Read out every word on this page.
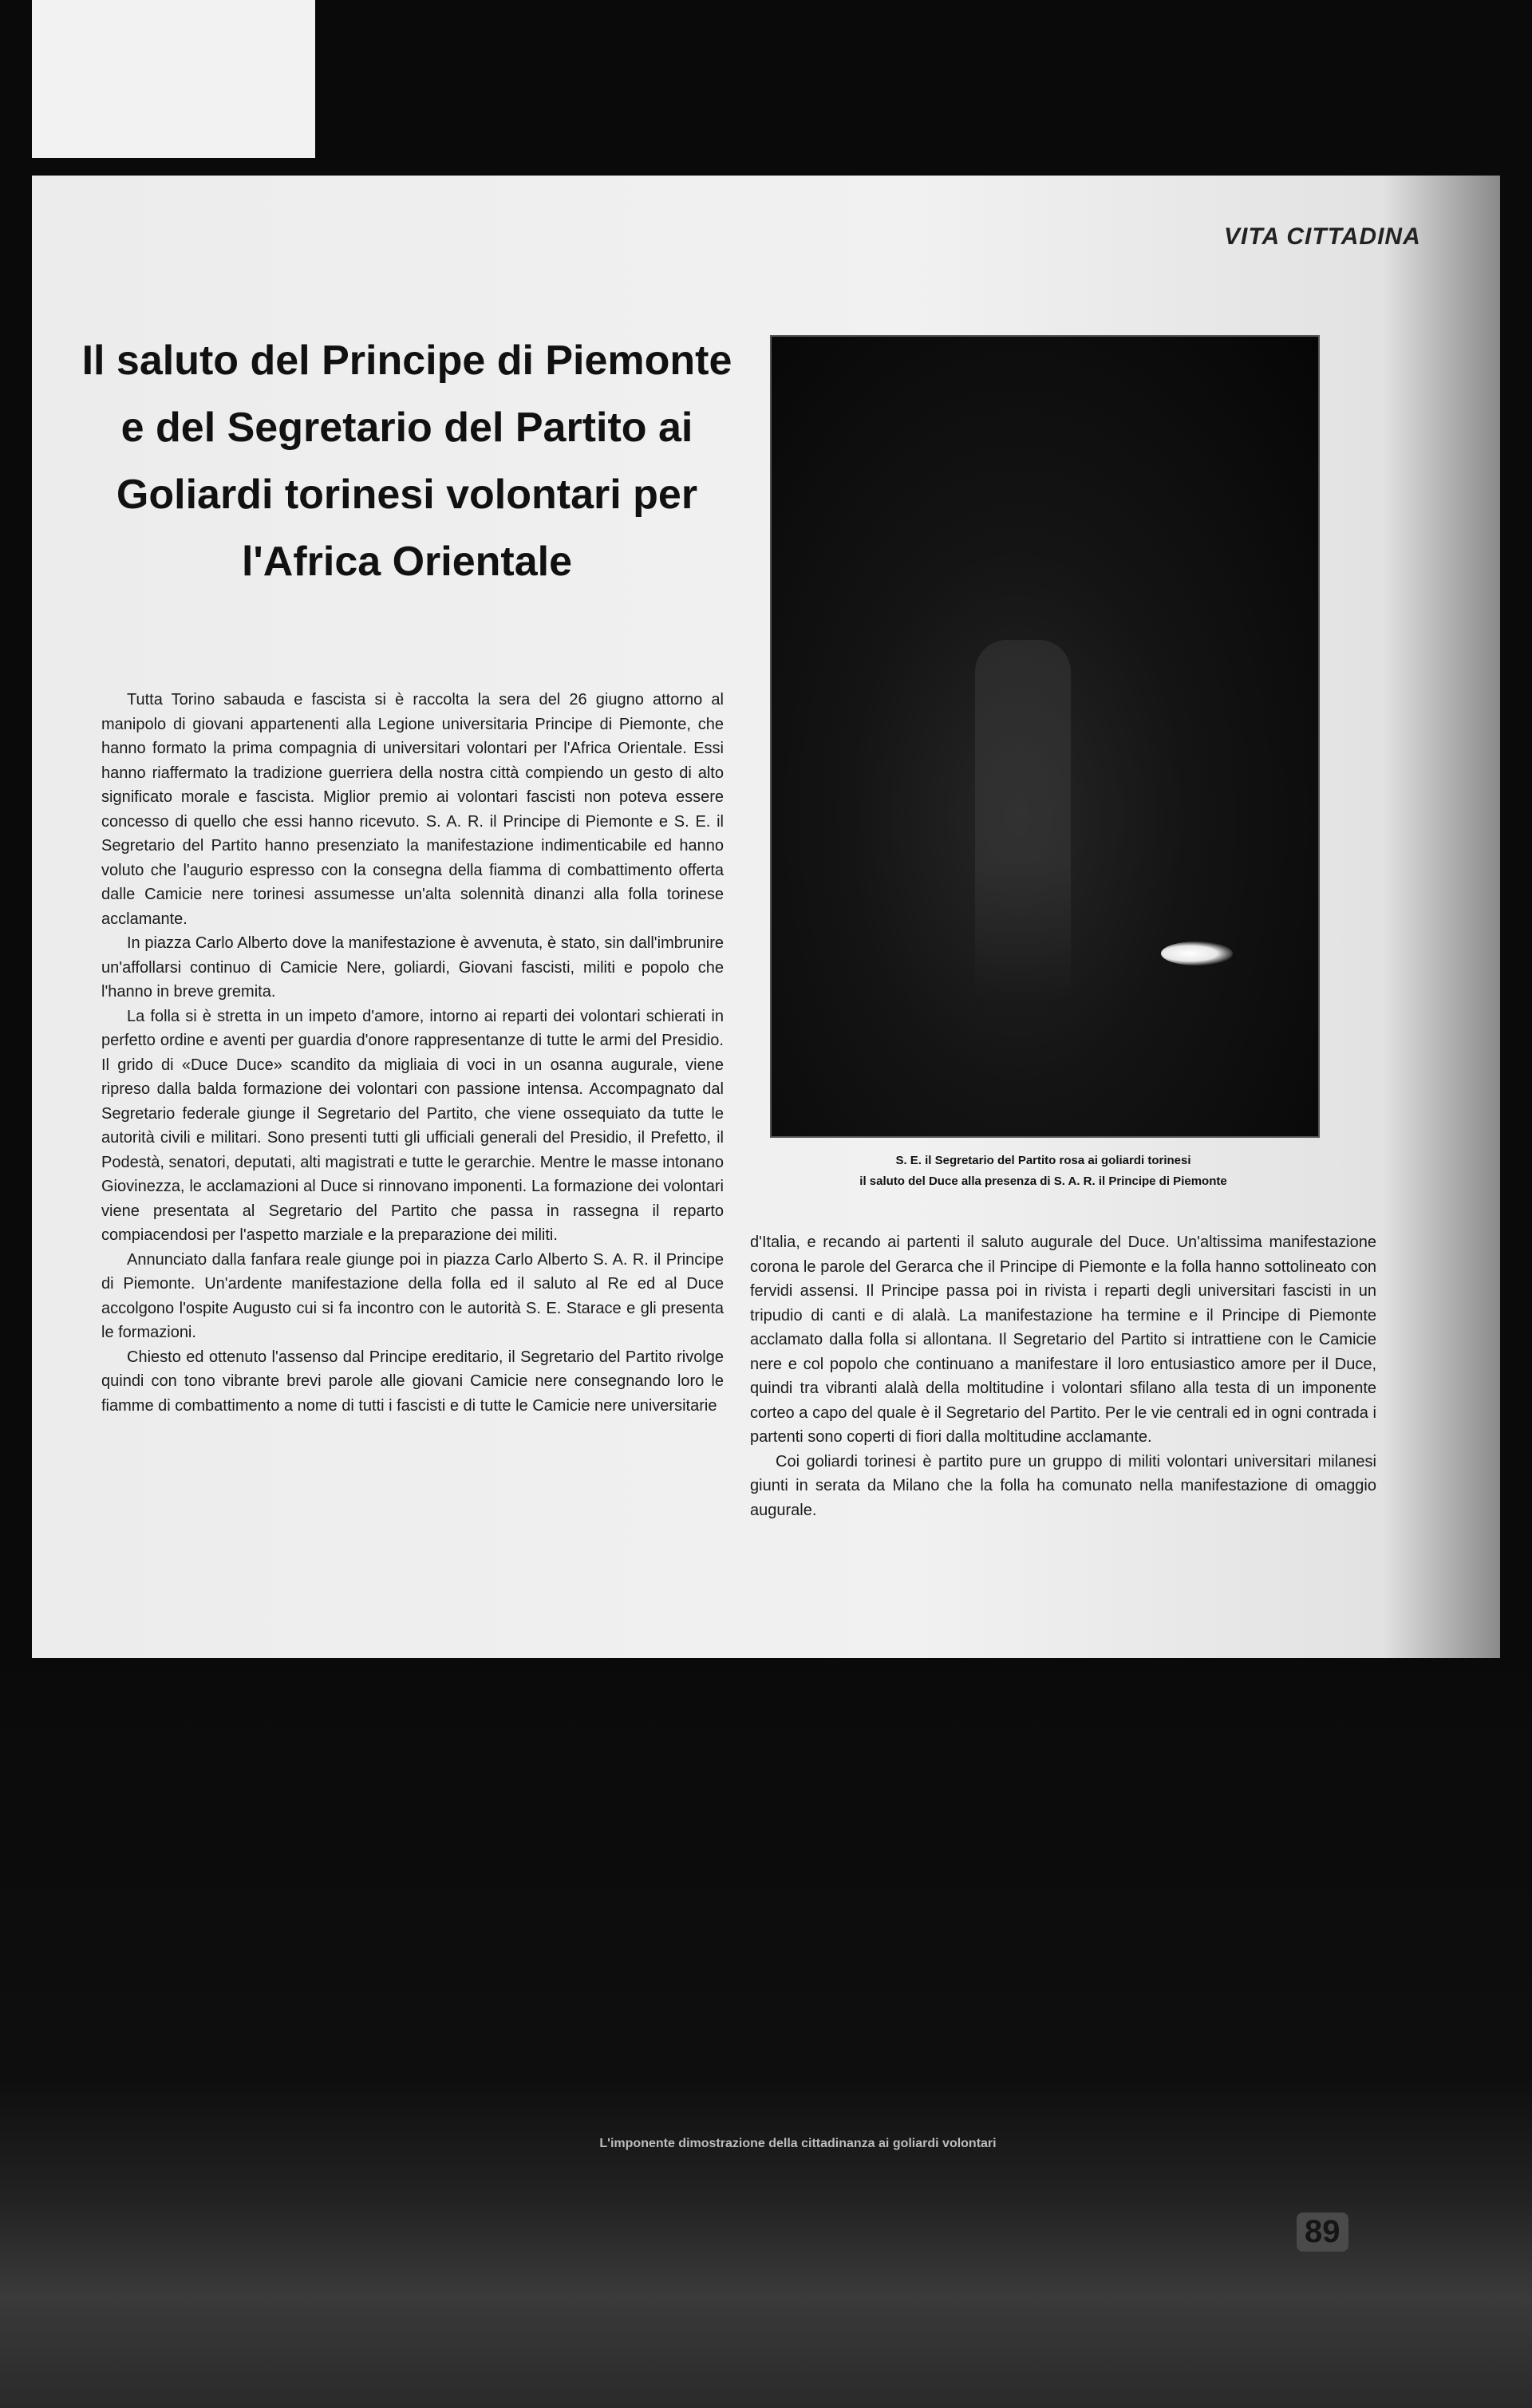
VITA CITTADINA
Il saluto del Principe di Piemonte e del Segretario del Partito ai Goliardi torinesi volontari per l'Africa Orientale

Tutta Torino sabauda e fascista si è raccolta la sera del 26 giugno attorno al manipolo di giovani appartenenti alla Legione universitaria Principe di Piemonte, che hanno formato la prima compagnia di universitari volontari per l'Africa Orientale. Essi hanno riaffermato la tradizione guerriera della nostra città compiendo un gesto di alto significato morale e fascista. Miglior premio ai volontari fascisti non poteva essere concesso di quello che essi hanno ricevuto. S. A. R. il Principe di Piemonte e S. E. il Segretario del Partito hanno presenziato la manifestazione indimenticabile ed hanno voluto che l'augurio espresso con la consegna della fiamma di combattimento offerta dalle Camicie nere torinesi assumesse un'alta solennità dinanzi alla folla torinese acclamante.

In piazza Carlo Alberto dove la manifestazione è avvenuta, è stato, sin dall'imbrunire un'affollarsi continuo di Camicie Nere, goliardi, Giovani fascisti, militi e popolo che l'hanno in breve gremita.

La folla si è stretta in un impeto d'amore, intorno ai reparti dei volontari schierati in perfetto ordine e aventi per guardia d'onore rappresentanze di tutte le armi del Presidio. Il grido di «Duce Duce» scandito da migliaia di voci in un osanna augurale, viene ripreso dalla balda formazione dei volontari con passione intensa. Accompagnato dal Segretario federale giunge il Segretario del Partito, che viene ossequiato da tutte le autorità civili e militari. Sono presenti tutti gli ufficiali generali del Presidio, il Prefetto, il Podestà, senatori, deputati, alti magistrati e tutte le gerarchie. Mentre le masse intonano Giovinezza, le acclamazioni al Duce si rinnovano imponenti. La formazione dei volontari viene presentata al Segretario del Partito che passa in rassegna il reparto compiacendosi per l'aspetto marziale e la preparazione dei militi.

Annunciato dalla fanfara reale giunge poi in piazza Carlo Alberto S. A. R. il Principe di Piemonte. Un'ardente manifestazione della folla ed il saluto al Re ed al Duce accolgono l'ospite Augusto cui si fa incontro con le autorità S. E. Starace e gli presenta le formazioni.

Chiesto ed ottenuto l'assenso dal Principe ereditario, il Segretario del Partito rivolge quindi con tono vibrante brevi parole alle giovani Camicie nere consegnando loro le fiamme di combattimento a nome di tutti i fascisti e di tutte le Camicie nere universitarie

S. E. il Segretario del Partito rosa ai goliardi torinesi
il saluto del Duce alla presenza di S. A. R. il Principe di Piemonte

d'Italia, e recando ai partenti il saluto augurale del Duce. Un'altissima manifestazione corona le parole del Gerarca che il Principe di Piemonte e la folla hanno sottolineato con fervidi assensi. Il Principe passa poi in rivista i reparti degli universitari fascisti in un tripudio di canti e di alalà. La manifestazione ha termine e il Principe di Piemonte acclamato dalla folla si allontana. Il Segretario del Partito si intrattiene con le Camicie nere e col popolo che continuano a manifestare il loro entusiastico amore per il Duce, quindi tra vibranti alalà della moltitudine i volontari sfilano alla testa di un imponente corteo a capo del quale è il Segretario del Partito. Per le vie centrali ed in ogni contrada i partenti sono coperti di fiori dalla moltitudine acclamante.

Coi goliardi torinesi è partito pure un gruppo di militi volontari universitari milanesi giunti in serata da Milano che la folla ha comunato nella manifestazione di omaggio augurale.

L'imponente dimostrazione della cittadinanza ai goliardi volontari

89
